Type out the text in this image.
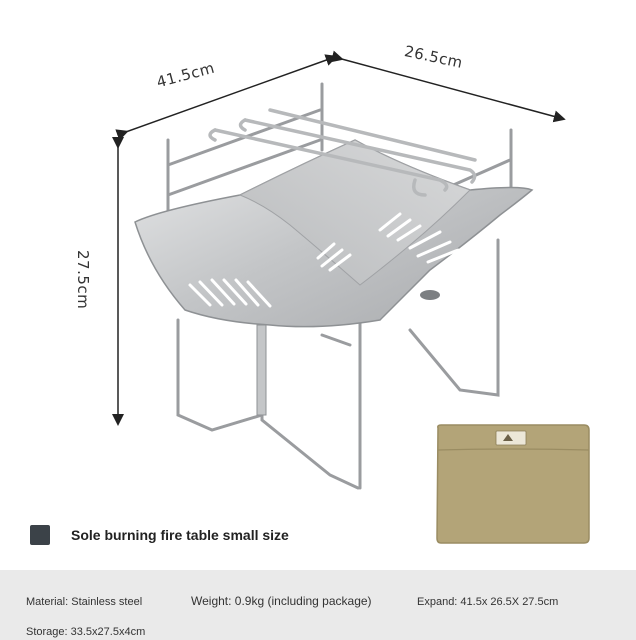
41.5cm
26.5cm
27.5cm
Sole burning fire table small size
Material: Stainless steel	Weight: 0.9kg (including package)	Expand: 41.5x 26.5X 27.5cm
Storage: 33.5x27.5x4cm
